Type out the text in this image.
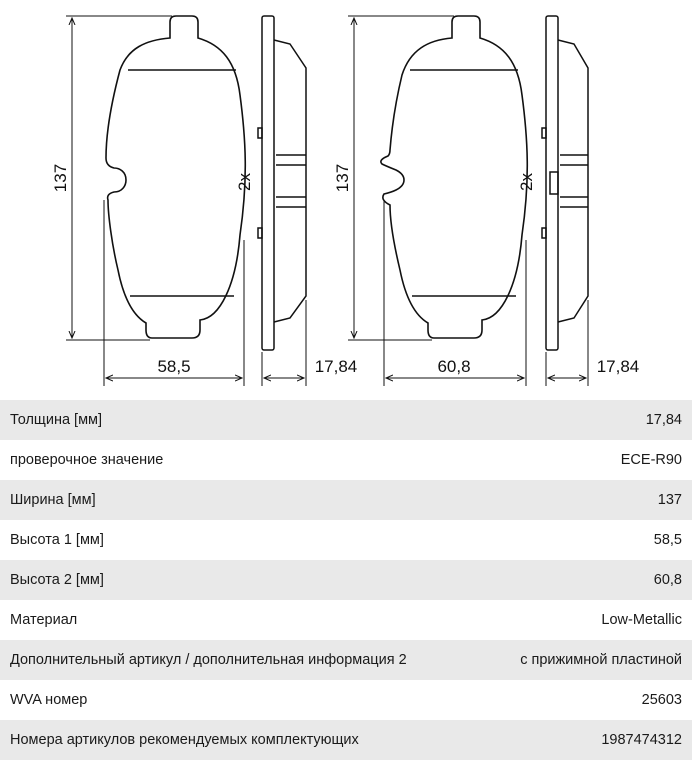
137
58,5
2x
17,84
137
60,8
2x
17,84
Толщина [мм]	17,84
проверочное значение	ECE-R90
Ширина [мм]	137
Высота 1 [мм]	58,5
Высота 2 [мм]	60,8
Материал	Low-Metallic
Дополнительный артикул / дополнительная информация 2	с прижимной пластиной
WVA номер	25603
Номера артикулов рекомендуемых комплектующих	1987474312
